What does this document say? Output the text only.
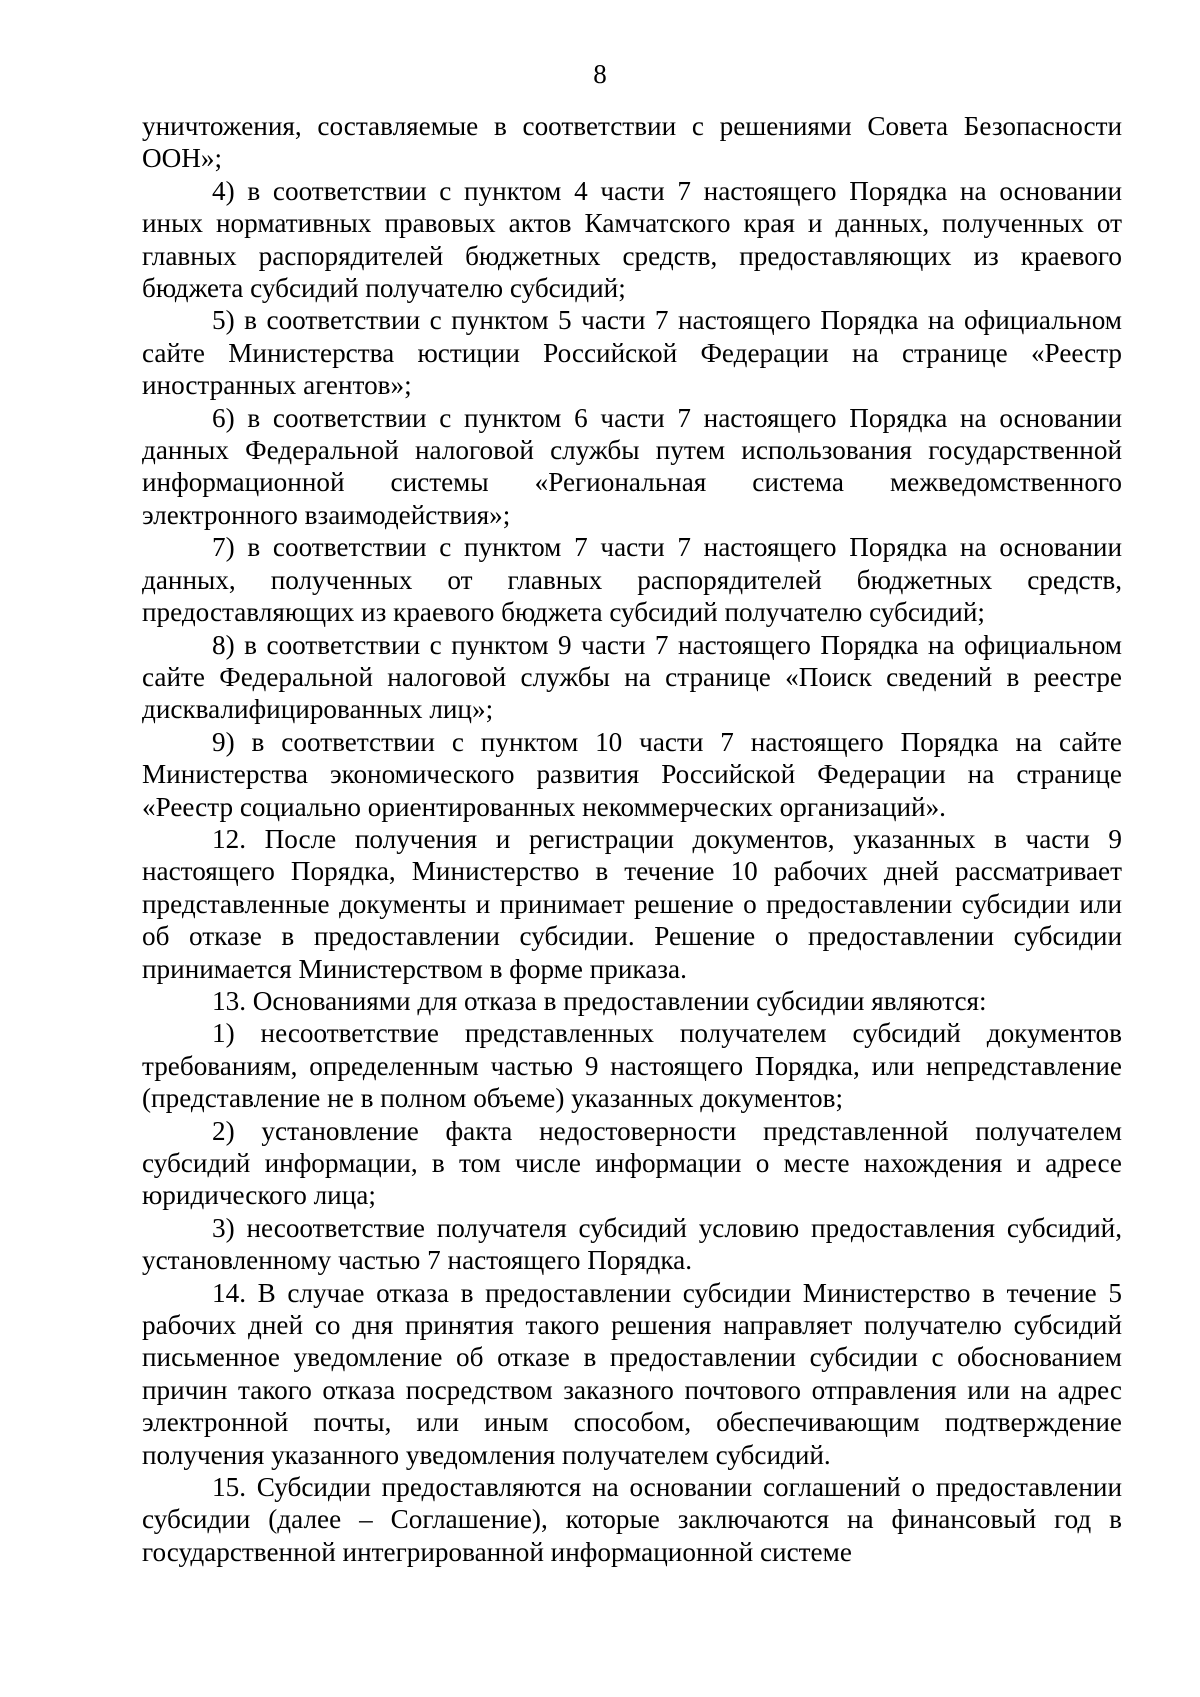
8

уничтожения, составляемые в соответствии с решениями Совета Безопасности ООН»;

4) в соответствии с пунктом 4 части 7 настоящего Порядка на основании иных нормативных правовых актов Камчатского края и данных, полученных от главных распорядителей бюджетных средств, предоставляющих из краевого бюджета субсидий получателю субсидий;

5) в соответствии с пунктом 5 части 7 настоящего Порядка на официальном сайте Министерства юстиции Российской Федерации на странице «Реестр иностранных агентов»;

6) в соответствии с пунктом 6 части 7 настоящего Порядка на основании данных Федеральной налоговой службы путем использования государственной информационной системы «Региональная система межведомственного электронного взаимодействия»;

7) в соответствии с пунктом 7 части 7 настоящего Порядка на основании данных, полученных от главных распорядителей бюджетных средств, предоставляющих из краевого бюджета субсидий получателю субсидий;

8) в соответствии с пунктом 9 части 7 настоящего Порядка на официальном сайте Федеральной налоговой службы на странице «Поиск сведений в реестре дисквалифицированных лиц»;

9) в соответствии с пунктом 10 части 7 настоящего Порядка на сайте Министерства экономического развития Российской Федерации на странице «Реестр социально ориентированных некоммерческих организаций».

12. После получения и регистрации документов, указанных в части 9 настоящего Порядка, Министерство в течение 10 рабочих дней рассматривает представленные документы и принимает решение о предоставлении субсидии или об отказе в предоставлении субсидии. Решение о предоставлении субсидии принимается Министерством в форме приказа.

13. Основаниями для отказа в предоставлении субсидии являются:

1) несоответствие представленных получателем субсидий документов требованиям, определенным частью 9 настоящего Порядка, или непредставление (представление не в полном объеме) указанных документов;

2) установление факта недостоверности представленной получателем субсидий информации, в том числе информации о месте нахождения и адресе юридического лица;

3) несоответствие получателя субсидий условию предоставления субсидий, установленному частью 7 настоящего Порядка.

14. В случае отказа в предоставлении субсидии Министерство в течение 5 рабочих дней со дня принятия такого решения направляет получателю субсидий письменное уведомление об отказе в предоставлении субсидии с обоснованием причин такого отказа посредством заказного почтового отправления или на адрес электронной почты, или иным способом, обеспечивающим подтверждение получения указанного уведомления получателем субсидий.

15. Субсидии предоставляются на основании соглашений о предоставлении субсидии (далее – Соглашение), которые заключаются на финансовый год в государственной интегрированной информационной системе
